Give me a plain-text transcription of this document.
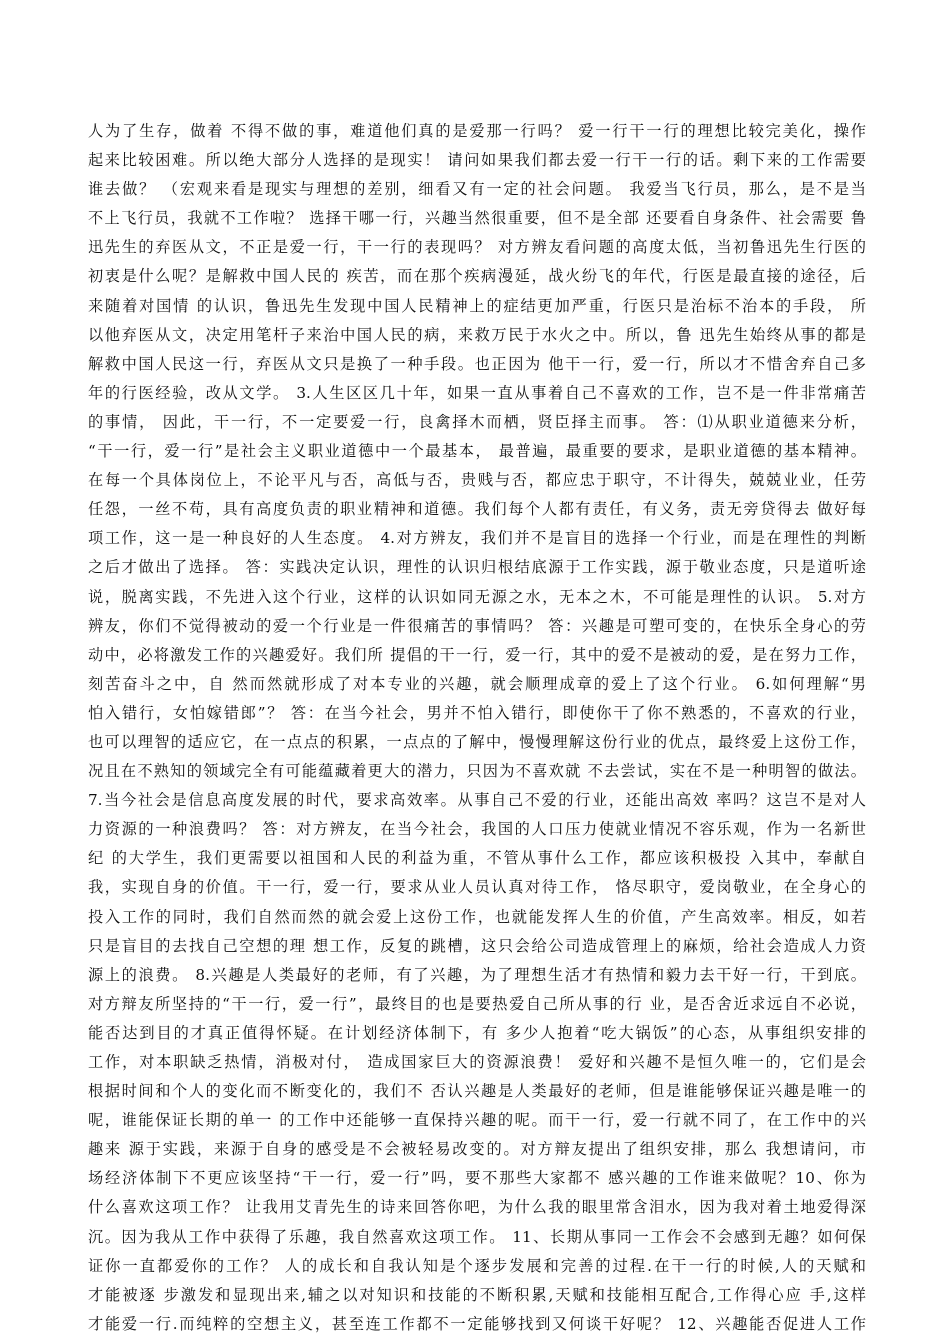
人为了生存，做着 不得不做的事，难道他们真的是爱那一行吗？ 爱一行干一行的理想比较完美化，操作
起来比较困难。所以绝大部分人选择的是现实！ 请问如果我们都去爱一行干一行的话。剩下来的工作需要
谁去做？ （宏观来看是现实与理想的差别，细看又有一定的社会问题。 我爱当飞行员，那么，是不是当
不上飞行员，我就不工作啦？ 选择干哪一行，兴趣当然很重要，但不是全部 还要看自身条件、社会需要 鲁
迅先生的弃医从文，不正是爱一行，干一行的表现吗？ 对方辨友看问题的高度太低，当初鲁迅先生行医的
初衷是什么呢？是解救中国人民的 疾苦，而在那个疾病漫延，战火纷飞的年代，行医是最直接的途径，后
来随着对国情 的认识，鲁迅先生发现中国人民精神上的症结更加严重，行医只是治标不治本的手段， 所
以他弃医从文，决定用笔杆子来治中国人民的病，来救万民于水火之中。所以，鲁 迅先生始终从事的都是
解救中国人民这一行，弃医从文只是换了一种手段。也正因为 他干一行，爱一行，所以才不惜舍弃自己多
年的行医经验，改从文学。 3.人生区区几十年，如果一直从事着自己不喜欢的工作，岂不是一件非常痛苦
的事情， 因此，干一行，不一定要爱一行，良禽择木而栖，贤臣择主而事。 答：⑴从职业道德来分析，
“干一行，爱一行”是社会主义职业道德中一个最基本， 最普遍，最重要的要求，是职业道德的基本精神。
在每一个具体岗位上，不论平凡与否，高低与否，贵贱与否，都应忠于职守，不计得失，兢兢业业，任劳
任怨，一丝不苟，具有高度负责的职业精神和道德。我们每个人都有责任，有义务，责无旁贷得去 做好每
项工作，这一是一种良好的人生态度。 4.对方辨友，我们并不是盲目的选择一个行业，而是在理性的判断
之后才做出了选择。 答：实践决定认识，理性的认识归根结底源于工作实践，源于敬业态度，只是道听途
说，脱离实践，不先进入这个行业，这样的认识如同无源之水，无本之木，不可能是理性的认识。 5.对方
辨友，你们不觉得被动的爱一个行业是一件很痛苦的事情吗？ 答：兴趣是可塑可变的，在快乐全身心的劳
动中，必将激发工作的兴趣爱好。我们所 提倡的干一行，爱一行，其中的爱不是被动的爱，是在努力工作，
刻苦奋斗之中，自 然而然就形成了对本专业的兴趣，就会顺理成章的爱上了这个行业。 6.如何理解“男
怕入错行，女怕嫁错郎”？ 答：在当今社会，男并不怕入错行，即使你干了你不熟悉的，不喜欢的行业，
也可以理智的适应它，在一点点的积累，一点点的了解中，慢慢理解这份行业的优点，最终爱上这份工作，
况且在不熟知的领域完全有可能蕴藏着更大的潜力，只因为不喜欢就 不去尝试，实在不是一种明智的做法。
7.当今社会是信息高度发展的时代，要求高效率。从事自己不爱的行业，还能出高效 率吗？这岂不是对人
力资源的一种浪费吗？ 答：对方辨友，在当今社会，我国的人口压力使就业情况不容乐观，作为一名新世
纪 的大学生，我们更需要以祖国和人民的利益为重，不管从事什么工作，都应该积极投 入其中，奉献自
我，实现自身的价值。干一行，爱一行，要求从业人员认真对待工作， 恪尽职守，爱岗敬业，在全身心的
投入工作的同时，我们自然而然的就会爱上这份工作，也就能发挥人生的价值，产生高效率。相反，如若
只是盲目的去找自己空想的理 想工作，反复的跳槽，这只会给公司造成管理上的麻烦，给社会造成人力资
源上的浪费。 8.兴趣是人类最好的老师，有了兴趣，为了理想生活才有热情和毅力去干好一行，干到底。
对方辩友所坚持的“干一行，爱一行”，最终目的也是要热爱自己所从事的行 业，是否舍近求远自不必说，
能否达到目的才真正值得怀疑。在计划经济体制下，有 多少人抱着“吃大锅饭”的心态，从事组织安排的
工作，对本职缺乏热情，消极对付， 造成国家巨大的资源浪费！ 爱好和兴趣不是恒久唯一的，它们是会
根据时间和个人的变化而不断变化的，我们不 否认兴趣是人类最好的老师，但是谁能够保证兴趣是唯一的
呢，谁能保证长期的单一 的工作中还能够一直保持兴趣的呢。而干一行，爱一行就不同了，在工作中的兴
趣来 源于实践，来源于自身的感受是不会被轻易改变的。对方辩友提出了组织安排，那么 我想请问，市
场经济体制下不更应该坚持“干一行，爱一行”吗，要不那些大家都不 感兴趣的工作谁来做呢？10、你为
什么喜欢这项工作？ 让我用艾青先生的诗来回答你吧，为什么我的眼里常含泪水，因为我对着土地爱得深
沉。因为我从工作中获得了乐趣，我自然喜欢这项工作。 11、长期从事同一工作会不会感到无趣？如何保
证你一直都爱你的工作？ 人的成长和自我认知是个逐步发展和完善的过程.在干一行的时候,人的天赋和
才能被逐 步激发和显现出来,辅之以对知识和技能的不断积累,天赋和技能相互配合,工作得心应 手,这样
才能爱一行.而纯粹的空想主义，甚至连工作都不一定能够找到又何谈干好呢？ 12、兴趣能否促进人工作
